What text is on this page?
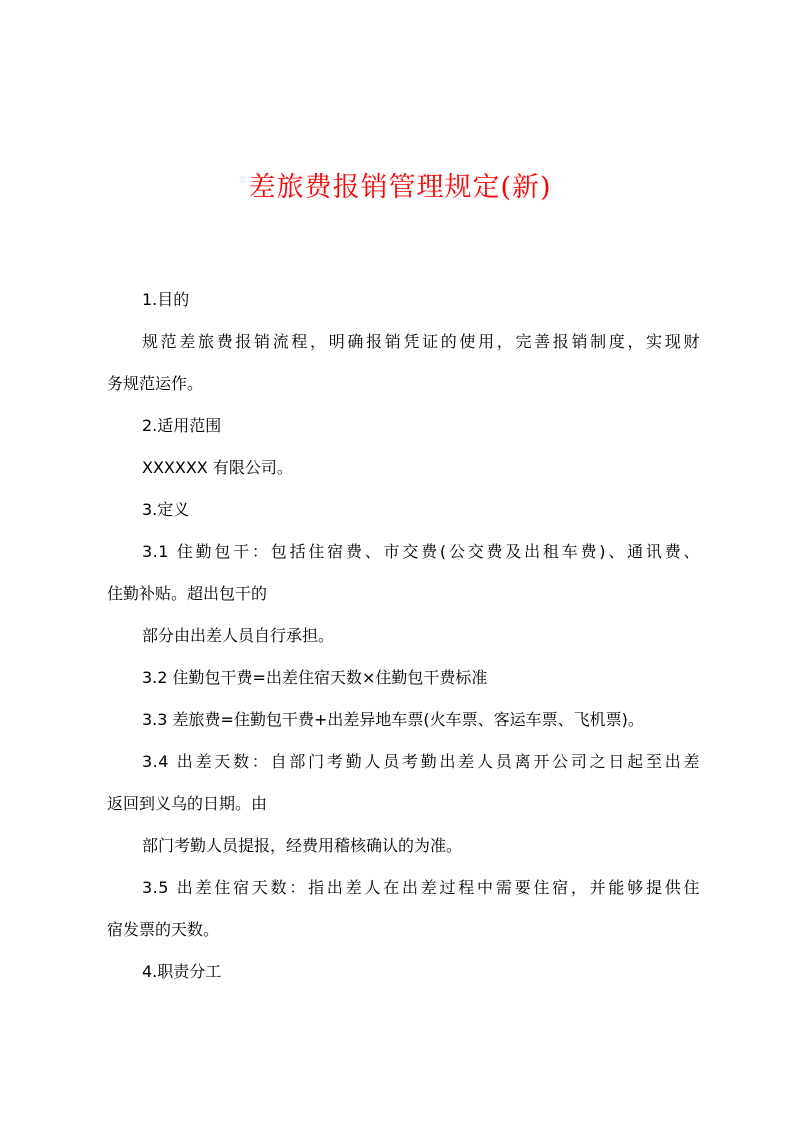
差旅费报销管理规定(新)
1.目的
规范差旅费报销流程，明确报销凭证的使用，完善报销制度，实现财
务规范运作。
2.适用范围
XXXXXX 有限公司。
3.定义
3.1 住勤包干：包括住宿费、市交费(公交费及出租车费)、通讯费、
住勤补贴。超出包干的
部分由出差人员自行承担。
3.2 住勤包干费=出差住宿天数×住勤包干费标准
3.3 差旅费=住勤包干费+出差异地车票(火车票、客运车票、飞机票)。
3.4 出差天数：自部门考勤人员考勤出差人员离开公司之日起至出差
返回到义乌的日期。由
部门考勤人员提报，经费用稽核确认的为准。
3.5 出差住宿天数：指出差人在出差过程中需要住宿，并能够提供住
宿发票的天数。
4.职责分工
